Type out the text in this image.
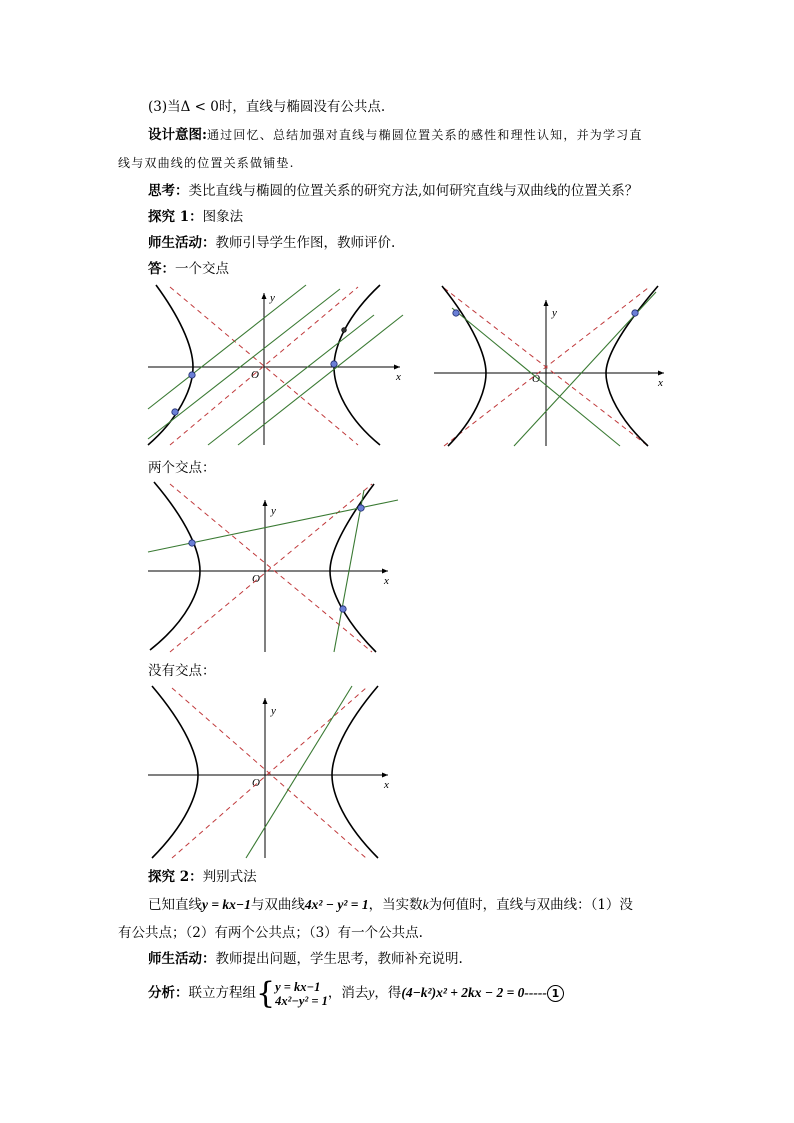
(3)当Δ < 0时，直线与椭圆没有公共点.
设计意图:通过回忆、总结加强对直线与椭圆位置关系的感性和理性认知，并为学习直
线与双曲线的位置关系做铺垫.
思考：类比直线与椭圆的位置关系的研究方法,如何研究直线与双曲线的位置关系？
探究 1：图象法
师生活动：教师引导学生作图，教师评价.
答：一个交点
x
y
O
x
y
O
两个交点：
x
y
O
没有交点：
x
y
O
探究 2：判别式法
已知直线y = kx−1与双曲线4x² − y² = 1，当实数k为何值时，直线与双曲线：（1）没
有公共点；（2）有两个公共点；（3）有一个公共点.
师生活动：教师提出问题，学生思考，教师补充说明.
分析：联立方程组{y = kx−1
4x²−y² = 1，消去y，得(4−k²)x² + 2kx − 2 = 0----- 1
